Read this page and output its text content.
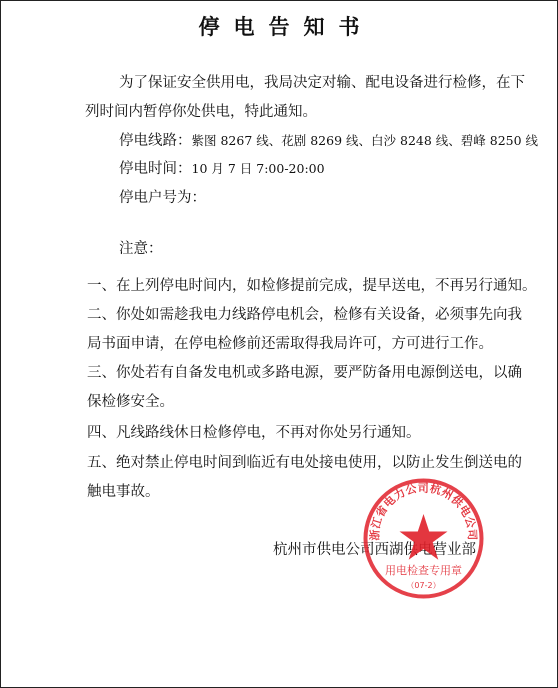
停电告知书
为了保证安全供用电，我局决定对输、配电设备进行检修，在下
列时间内暂停你处供电，特此通知。
停电线路：紫图 8267 线、花剧 8269 线、白沙 8248 线、碧峰 8250 线
停电时间：10 月 7 日 7:00-20:00
停电户号为：
注意：
一、在上列停电时间内，如检修提前完成，提早送电，不再另行通知。
二、你处如需趁我电力线路停电机会，检修有关设备，必须事先向我
局书面申请，在停电检修前还需取得我局许可，方可进行工作。
三、你处若有自备发电机或多路电源，要严防备用电源倒送电，以确
保检修安全。
四、凡线路线休日检修停电，不再对你处另行通知。
五、绝对禁止停电时间到临近有电处接电使用，以防止发生倒送电的
触电事故。
杭州市供电公司西湖供电营业部
浙江省电力公司杭州供电公司
用电检查专用章
（07-2）
